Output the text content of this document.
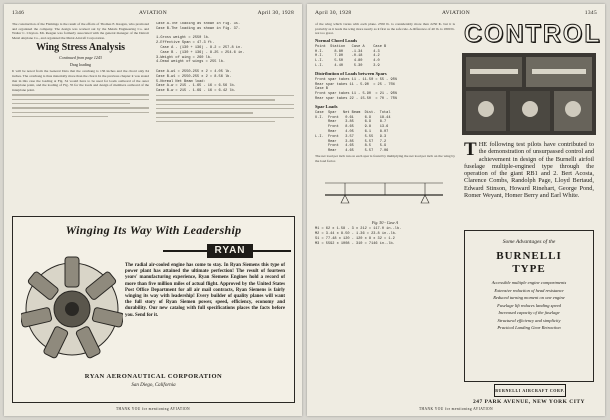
1346	AVIATION	April 30, 1928

The construction of the Flamingo is the result of the efforts of Thomas E. Reagan, who promoted and organized the company. The design was worked out by the Metals Engineering Co. and Walter C. Clayton. Mr. Reagan was formerly associated with the general manager of the Detroit Metal Airplane Co., and organized the Metal Aircraft Corporation.

Wing Stress Analysis
Continued from page 1243
Drag loading

It will be noted from the General Data that the overhang is 136 inches and the chord only 64 inches. The overhang is thus materially more than the chord. In the previous chapter it was stated that in this case the loading at Fig. 34 would have to be used for loads outboard of the outer interplane point, and the loading of Fig. 35 for the loads and design of members outboard of the interplane point.

Case A-The loading as shown in Fig. 35.
Case B-The loading as shown in Fig. 37.

1-Gross weight = 2550 lb.
2-Effective Span = 47.3 ft.
Case A - (130 + 136) - 8.2 = 257.8 in.
Case B - (130 + 136) - 8.25 = 254.6 in.
3-Weight of wing = 260 lb.
4-Dead weight of wings = 255 lb.

Case A-w1 = 2550-255 x 2 = 4.05 lb.
Case B-w1 = 2550-255 x 2 = 8.56 lb.
5-Normal Net Beam load:
Case A-w = 215 - 1.65 - 16 = 6.56 lb.
Case B-w = 215 - 1.69 - 16 = 6.42 lb.
Winging Its Way With Leadership
RYAN
The radial air-cooled engine has come to stay. In Ryan Siemens this type of power plant has attained the ultimate perfection! The result of fourteen years' manufacturing experience, Ryan Siemens Engines hold a record of more than five million miles of actual flight. Approved by the United States Post Office Department for all air mail contracts, Ryan Siemens is fairly winging its way with leadership! Every builder of quality planes will want the full story of Ryan Siemen power, speed, efficiency, economy and durability. Our new catalog with full specifications places the facts before you. Send for it.
RYAN AERONAUTICAL CORPORATION
San Diego, California
THANK YOU for mentioning AVIATION
April 30, 1928	AVIATION	1345

of the wing which varies with each plane. 2350 lb. is considerably more than 2250 lb. but it is probably as it leads the wing more nearly as it first as the safe rule. A difference of 40 lb. is 1800 lb. not too great.

Normal Chord Loads
Point  Station   Case A    Case B
H.I.     8.80    -1.34     4.3
H.I.     7.90    -0.18     4.2
L.I.     5.50     4.80     4.0
L.I.     4.40     5.30     3.9
Distribution of Loads between Spars
Front spar takes 11 - 11.50 = 55 - 95%
Rear spar takes 11 - 5.90  = 25 - 75%
Case B
Front spar takes 11 - 5.90  = 21 - 95%
Rear spar takes 22 - 15.50  = 70 - 75%
Spar Loads
Case  Spar   Net Beam  Dist.  Total
U.I.  Front   0.61     6.9    18.44
Rear    3.85     6.9    8.7
Front   8.65     9.8    13.6
Rear    4.05     6.1    8.07
L.I.  Front   3.57     5.55   9.3
Rear    3.85     5.57   7.2
Front   4.65     8.5    5.9
Rear    4.65     5.57   7.06

The net load per inch run on each spar is found by multiplying the net load per inch on the wing by the load factor.

Fig. 50 - Case A
M1 = 62 x 1.58 - 3 x 212 = 117.0 in.-lb.
M2 = 3.44 x 8.50 - 1.36 = 23.8 in.-lb.
S1 = 77.48 x 120 - 120 x 8 x 32 = 1.2
M3 = 5592 x 1008 - 310 = 7146 in.-lb.
CONTROL
THE following test pilots have contributed to the demonstration of unsurpassed control and achievement in design of the Burnelli airfoil fuselage multiple-engined type through the operation of the giant RB1 and 2. Bert Acosta, Clarence Combs, Randolph Page, Lloyd Bertaud, Edward Stinson, Howard Rinehart, George Pond, Romer Weyant, Homer Berry and Earl White.
Some Advantages of the
BURNELLI
TYPE
Accessible multiple engine compartments
Extensive reduction of head resistance
Reduced turning moment on one engine
Fuselage lift reduces landing speed
Increased capacity of the fuselage
Structural efficiency and simplicity
Practical Landing Gear Retraction
BURNELLI AIRCRAFT CORP.
247 PARK AVENUE, NEW YORK CITY
THANK YOU for mentioning AVIATION
